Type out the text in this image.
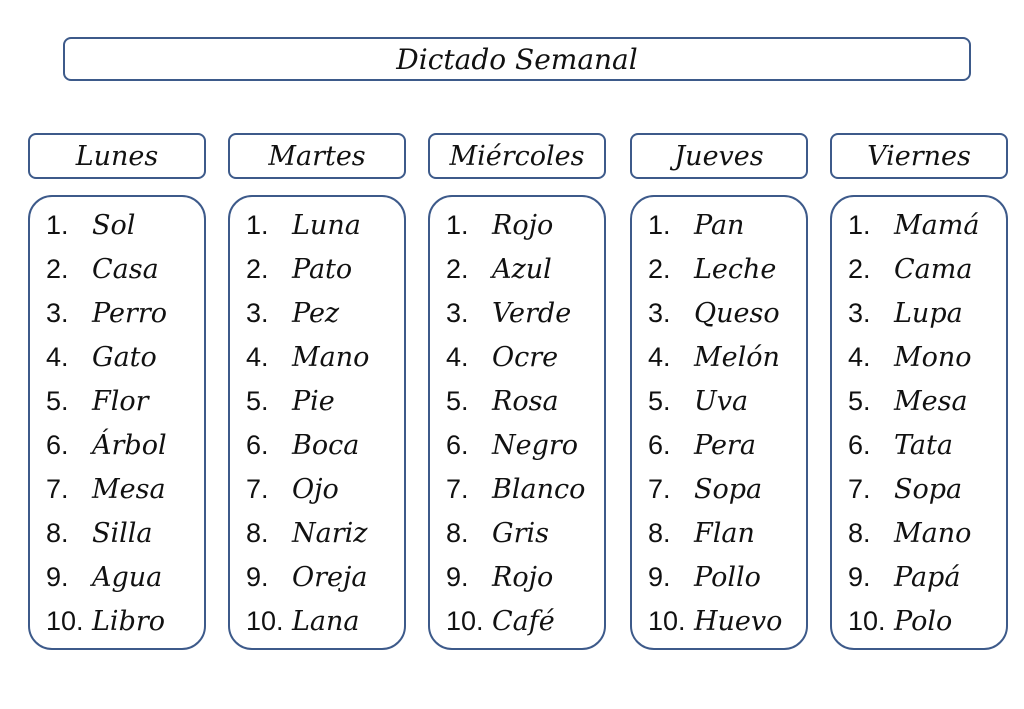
Dictado Semanal
Lunes
1. Sol
2. Casa
3. Perro
4. Gato
5. Flor
6. Árbol
7. Mesa
8. Silla
9. Agua
10. Libro
Martes
1. Luna
2. Pato
3. Pez
4. Mano
5. Pie
6. Boca
7. Ojo
8. Nariz
9. Oreja
10. Lana
Miércoles
1. Rojo
2. Azul
3. Verde
4. Ocre
5. Rosa
6. Negro
7. Blanco
8. Gris
9. Rojo
10. Café
Jueves
1. Pan
2. Leche
3. Queso
4. Melón
5. Uva
6. Pera
7. Sopa
8. Flan
9. Pollo
10. Huevo
Viernes
1. Mamá
2. Cama
3. Lupa
4. Mono
5. Mesa
6. Tata
7. Sopa
8. Mano
9. Papá
10. Polo
